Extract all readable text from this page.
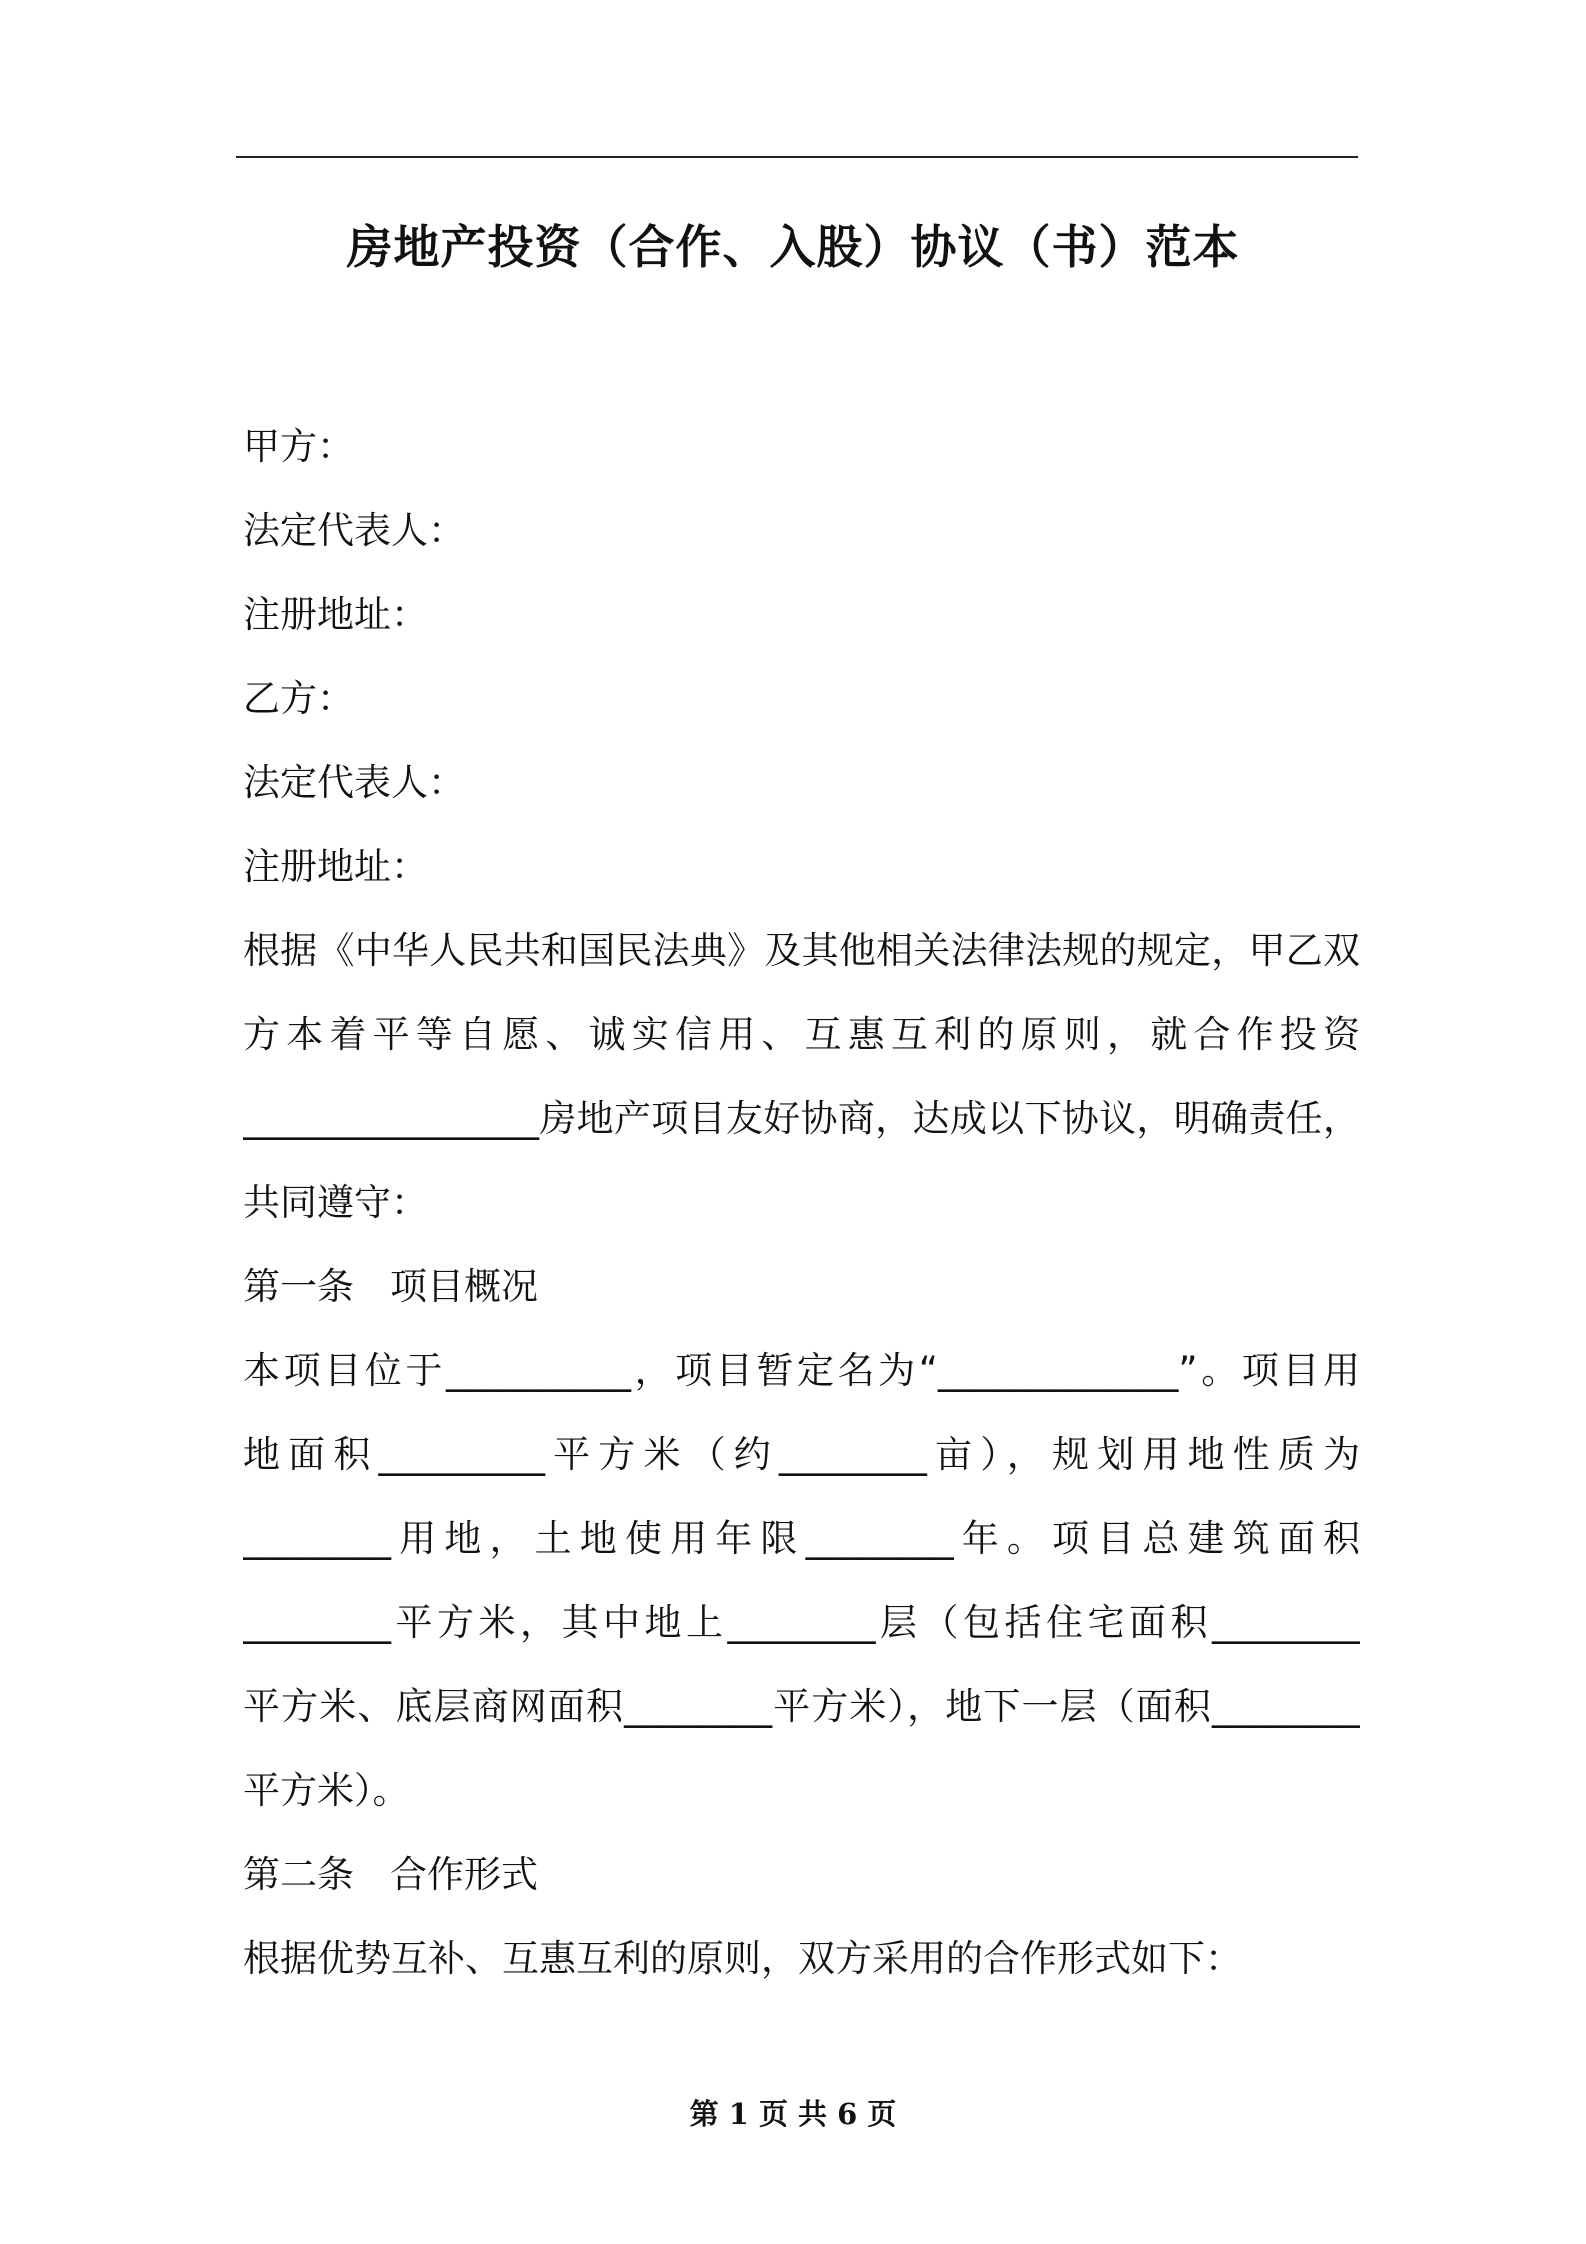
房地产投资（合作、入股）协议（书）范本
甲方：
法定代表人：
注册地址：
乙方：
法定代表人：
注册地址：
根据《中华人民共和国民法典》及其他相关法律法规的规定，甲乙双
方本着平等自愿、诚实信用、互惠互利的原则，就合作投资
________________房地产项目友好协商，达成以下协议，明确责任，
共同遵守：
第一条 项目概况
本项目位于__________，项目暂定名为“_____________”。项目用
地面积_________平方米（约________亩），规划用地性质为
________用地，土地使用年限________年。项目总建筑面积
________平方米，其中地上________层（包括住宅面积________
平方米、底层商网面积________平方米），地下一层（面积________
平方米）。
第二条 合作形式
根据优势互补、互惠互利的原则，双方采用的合作形式如下：
第 1 页 共 6 页
